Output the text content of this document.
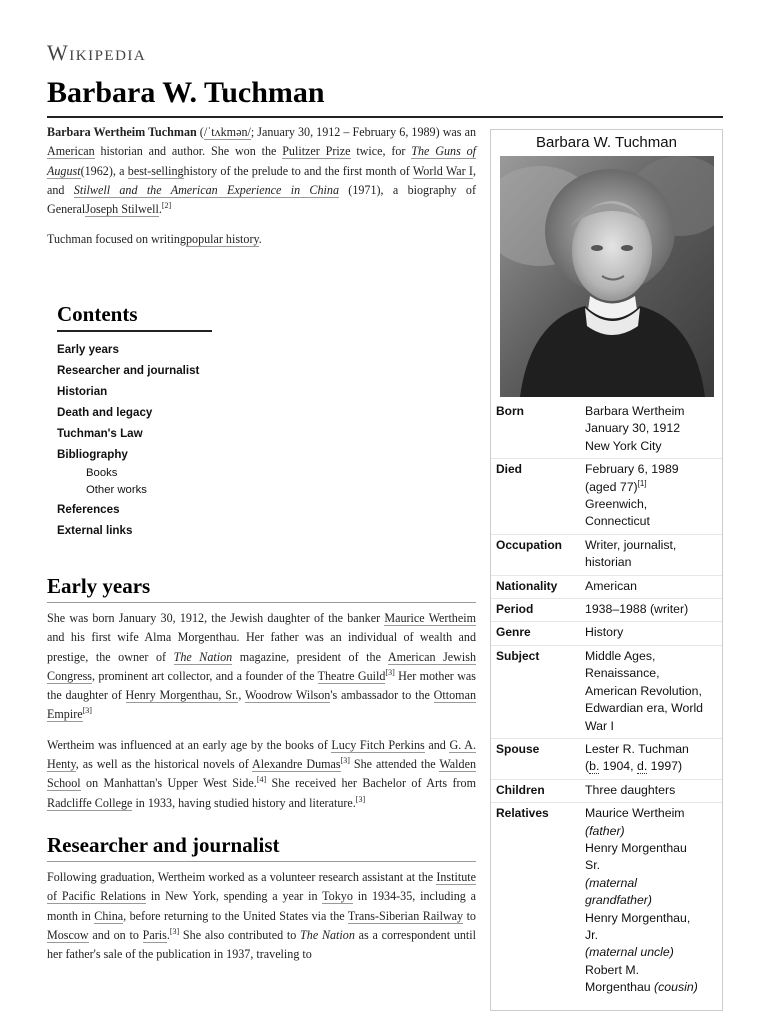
Wikipedia
Barbara W. Tuchman

Barbara Wertheim Tuchman (/ˈtʌkmən/; January 30, 1912 – February 6, 1989) was an American historian and author. She won the Pulitzer Prize twice, for The Guns of August(1962), a best-sellinghistory of the prelude to and the first month of World War I, and Stilwell and the American Experience in China (1971), a biography of GeneralJoseph Stilwell.[2]

Tuchman focused on writingpopular history.

Contents
Early years
Researcher and journalist
Historian
Death and legacy
Tuchman's Law
Bibliography
Books
Other works
References
External links
Early years

She was born January 30, 1912, the Jewish daughter of the banker Maurice Wertheim and his first wife Alma Morgenthau. Her father was an individual of wealth and prestige, the owner of The Nation magazine, president of the American Jewish Congress, prominent art collector, and a founder of the Theatre Guild[3] Her mother was the daughter of Henry Morgenthau, Sr., Woodrow Wilson's ambassador to the Ottoman Empire[3]

Wertheim was influenced at an early age by the books of Lucy Fitch Perkins and G. A. Henty, as well as the historical novels of Alexandre Dumas[3] She attended the Walden School on Manhattan's Upper West Side.[4] She received her Bachelor of Arts from Radcliffe College in 1933, having studied history and literature.[3]

Researcher and journalist

Following graduation, Wertheim worked as a volunteer research assistant at the Institute of Pacific Relations in New York, spending a year in Tokyo in 1934-35, including a month in China, before returning to the United States via the Trans-Siberian Railway to Moscow and on to Paris.[3] She also contributed to The Nation as a correspondent until her father's sale of the publication in 1937, traveling to

Barbara W. Tuchman
Born	Barbara Wertheim
January 30, 1912
New York City
Died	February 6, 1989
(aged 77)[1]
Greenwich,
Connecticut
Occupation	Writer, journalist,
historian
Nationality	American
Period	1938–1988 (writer)
Genre	History
Subject	Middle Ages,
Renaissance,
American Revolution,
Edwardian era, World
War I
Spouse	Lester R. Tuchman
(b. 1904, d. 1997)
Children	Three daughters
Relatives	Maurice Wertheim
(father)
Henry Morgenthau
Sr.
(maternal
grandfather)
Henry Morgenthau,
Jr.
(maternal uncle)
Robert M.
Morgenthau (cousin)
